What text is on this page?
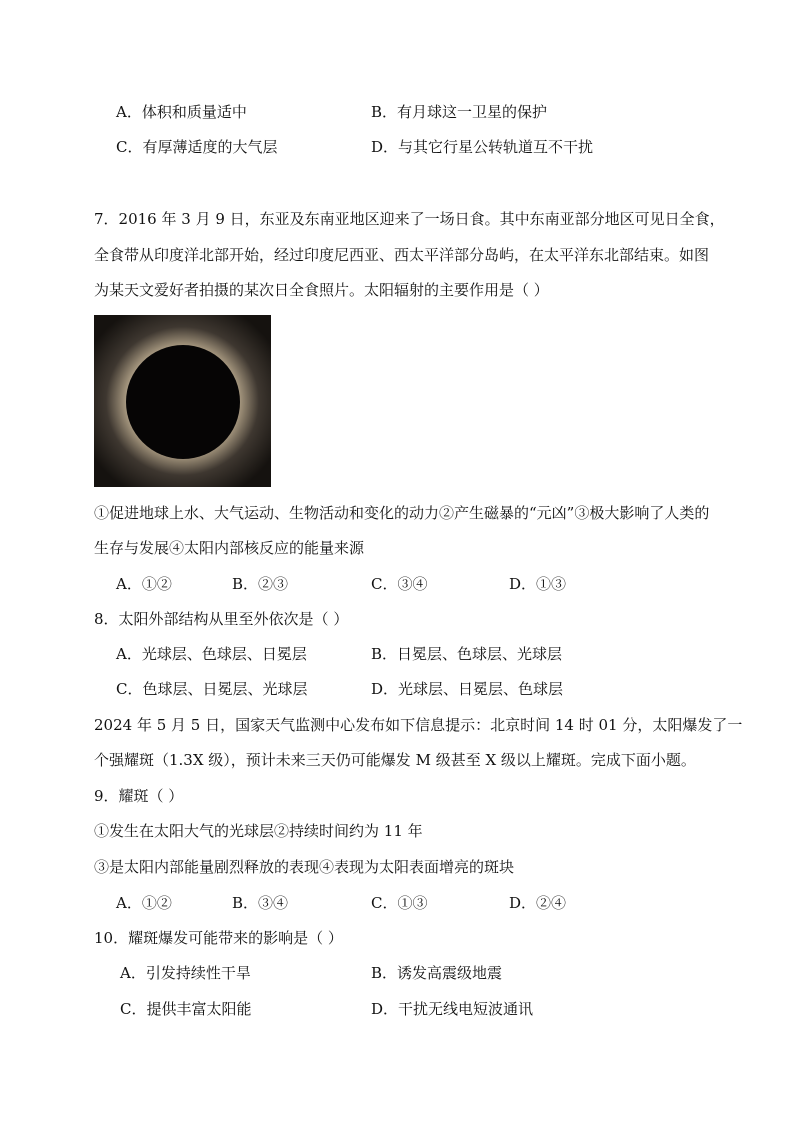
A．体积和质量适中	B．有月球这一卫星的保护
C．有厚薄适度的大气层	D．与其它行星公转轨道互不干扰
7．2016 年 3 月 9 日，东亚及东南亚地区迎来了一场日食。其中东南亚部分地区可见日全食，
全食带从印度洋北部开始，经过印度尼西亚、西太平洋部分岛屿，在太平洋东北部结束。如图
为某天文爱好者拍摄的某次日全食照片。太阳辐射的主要作用是（ ）
①促进地球上水、大气运动、生物活动和变化的动力②产生磁暴的“元凶”③极大影响了人类的
生存与发展④太阳内部核反应的能量来源
A．①②	B．②③	C．③④	D．①③
8．太阳外部结构从里至外依次是（ ）
A．光球层、色球层、日冕层	B．日冕层、色球层、光球层
C．色球层、日冕层、光球层	D．光球层、日冕层、色球层
2024 年 5 月 5 日，国家天气监测中心发布如下信息提示：北京时间 14 时 01 分，太阳爆发了一
个强耀斑（1.3X 级），预计未来三天仍可能爆发 M 级甚至 X 级以上耀斑。完成下面小题。
9．耀斑（ ）
①发生在太阳大气的光球层②持续时间约为 11 年
③是太阳内部能量剧烈释放的表现④表现为太阳表面增亮的斑块
A．①②	B．③④	C．①③	D．②④
10．耀斑爆发可能带来的影响是（ ）
A．引发持续性干旱	B．诱发高震级地震
C．提供丰富太阳能	D．干扰无线电短波通讯
